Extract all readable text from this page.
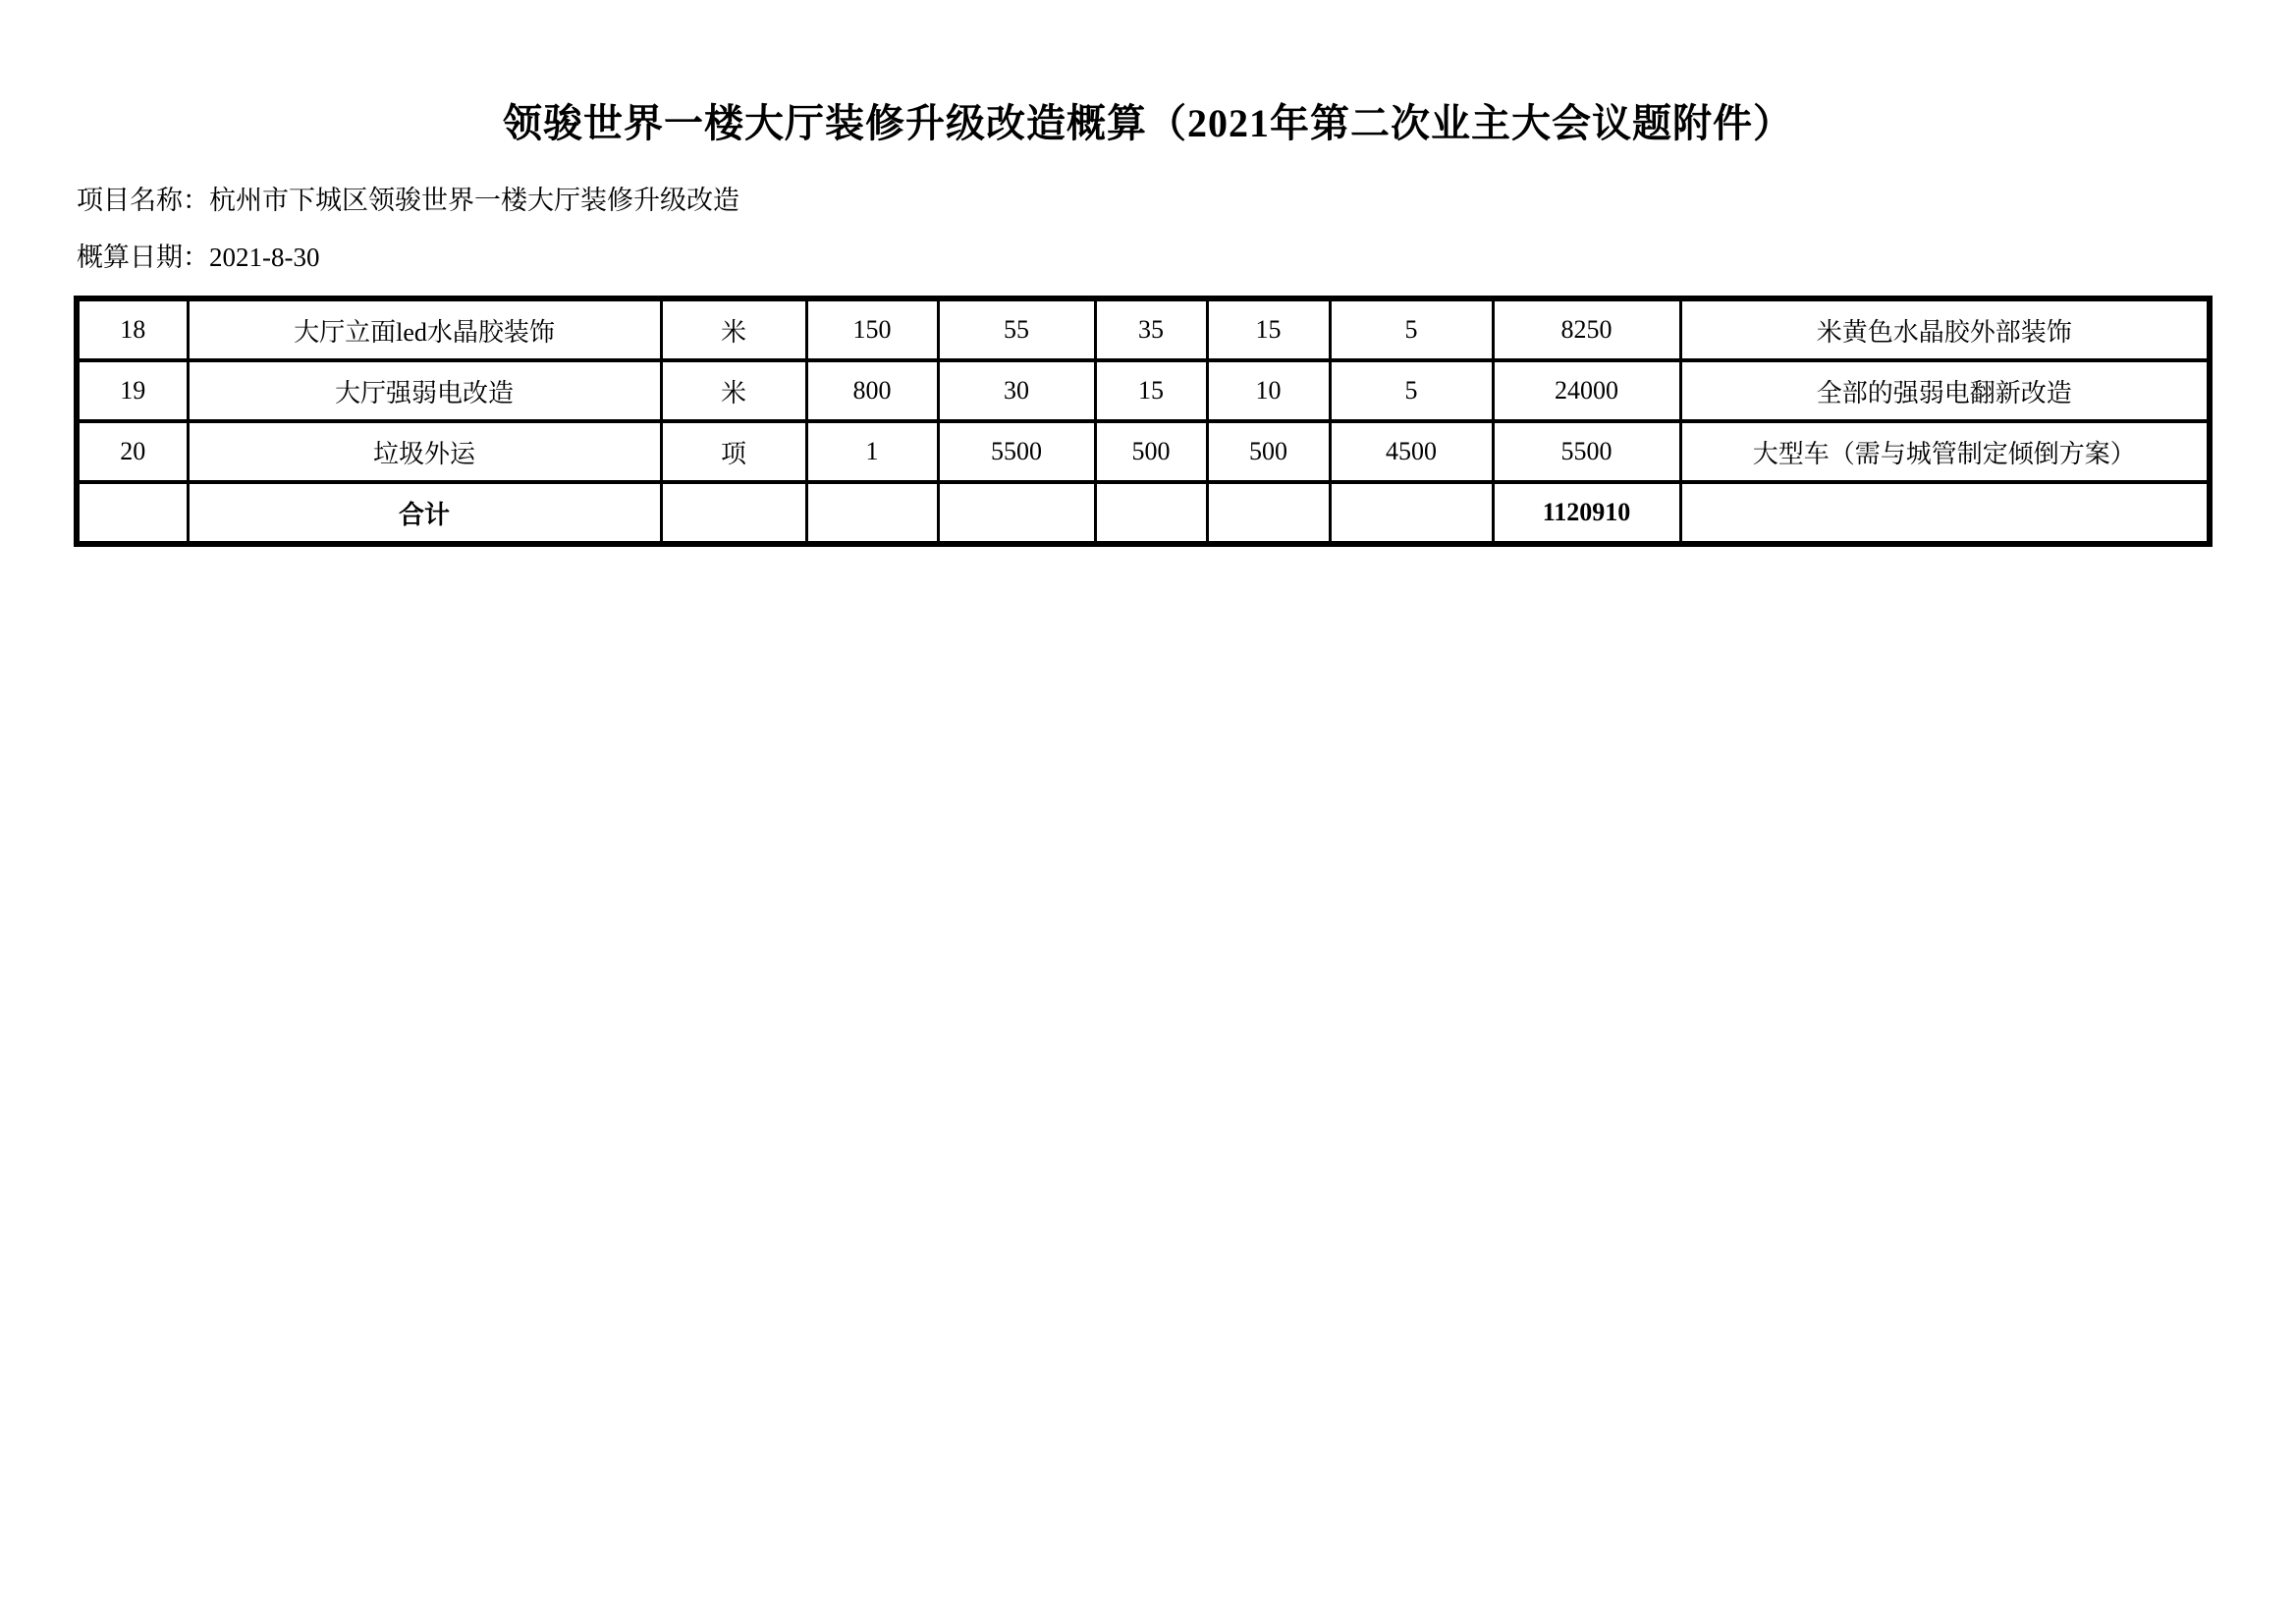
领骏世界一楼大厅装修升级改造概算（2021年第二次业主大会议题附件）
项目名称：杭州市下城区领骏世界一楼大厅装修升级改造
概算日期：2021-8-30
18	大厅立面led水晶胶装饰	米	150	55	35	15	5	8250	米黄色水晶胶外部装饰
19	大厅强弱电改造	米	800	30	15	10	5	24000	全部的强弱电翻新改造
20	垃圾外运	项	1	5500	500	500	4500	5500	大型车（需与城管制定倾倒方案）
	合计							1120910	
